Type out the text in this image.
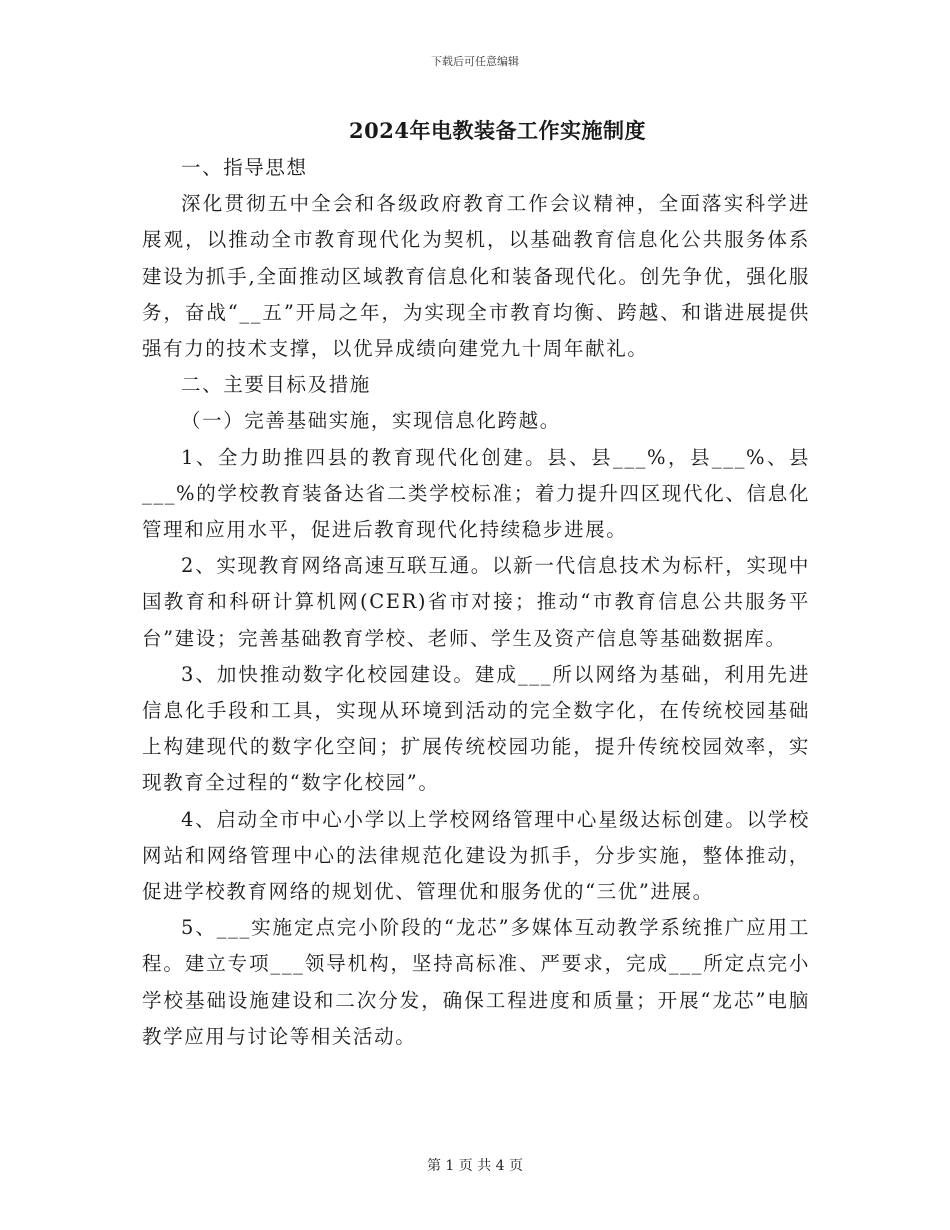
下载后可任意编辑
2024年电教装备工作实施制度

一、指导思想

深化贯彻五中全会和各级政府教育工作会议精神，全面落实科学进展观，以推动全市教育现代化为契机，以基础教育信息化公共服务体系建设为抓手,全面推动区域教育信息化和装备现代化。创先争优，强化服务，奋战“__五”开局之年，为实现全市教育均衡、跨越、和谐进展提供强有力的技术支撑，以优异成绩向建党九十周年献礼。

二、主要目标及措施

（一）完善基础实施，实现信息化跨越。

1、全力助推四县的教育现代化创建。县、县___%，县___%、县___%的学校教育装备达省二类学校标准；着力提升四区现代化、信息化管理和应用水平，促进后教育现代化持续稳步进展。

2、实现教育网络高速互联互通。以新一代信息技术为标杆，实现中国教育和科研计算机网(CER)省市对接；推动“市教育信息公共服务平台”建设；完善基础教育学校、老师、学生及资产信息等基础数据库。

3、加快推动数字化校园建设。建成___所以网络为基础，利用先进信息化手段和工具，实现从环境到活动的完全数字化，在传统校园基础上构建现代的数字化空间；扩展传统校园功能，提升传统校园效率，实现教育全过程的“数字化校园”。

4、启动全市中心小学以上学校网络管理中心星级达标创建。以学校网站和网络管理中心的法律规范化建设为抓手，分步实施，整体推动，促进学校教育网络的规划优、管理优和服务优的“三优”进展。

5、___实施定点完小阶段的“龙芯”多媒体互动教学系统推广应用工程。建立专项___领导机构，坚持高标准、严要求，完成___所定点完小学校基础设施建设和二次分发，确保工程进度和质量；开展“龙芯”电脑教学应用与讨论等相关活动。

第 1 页 共 4 页
